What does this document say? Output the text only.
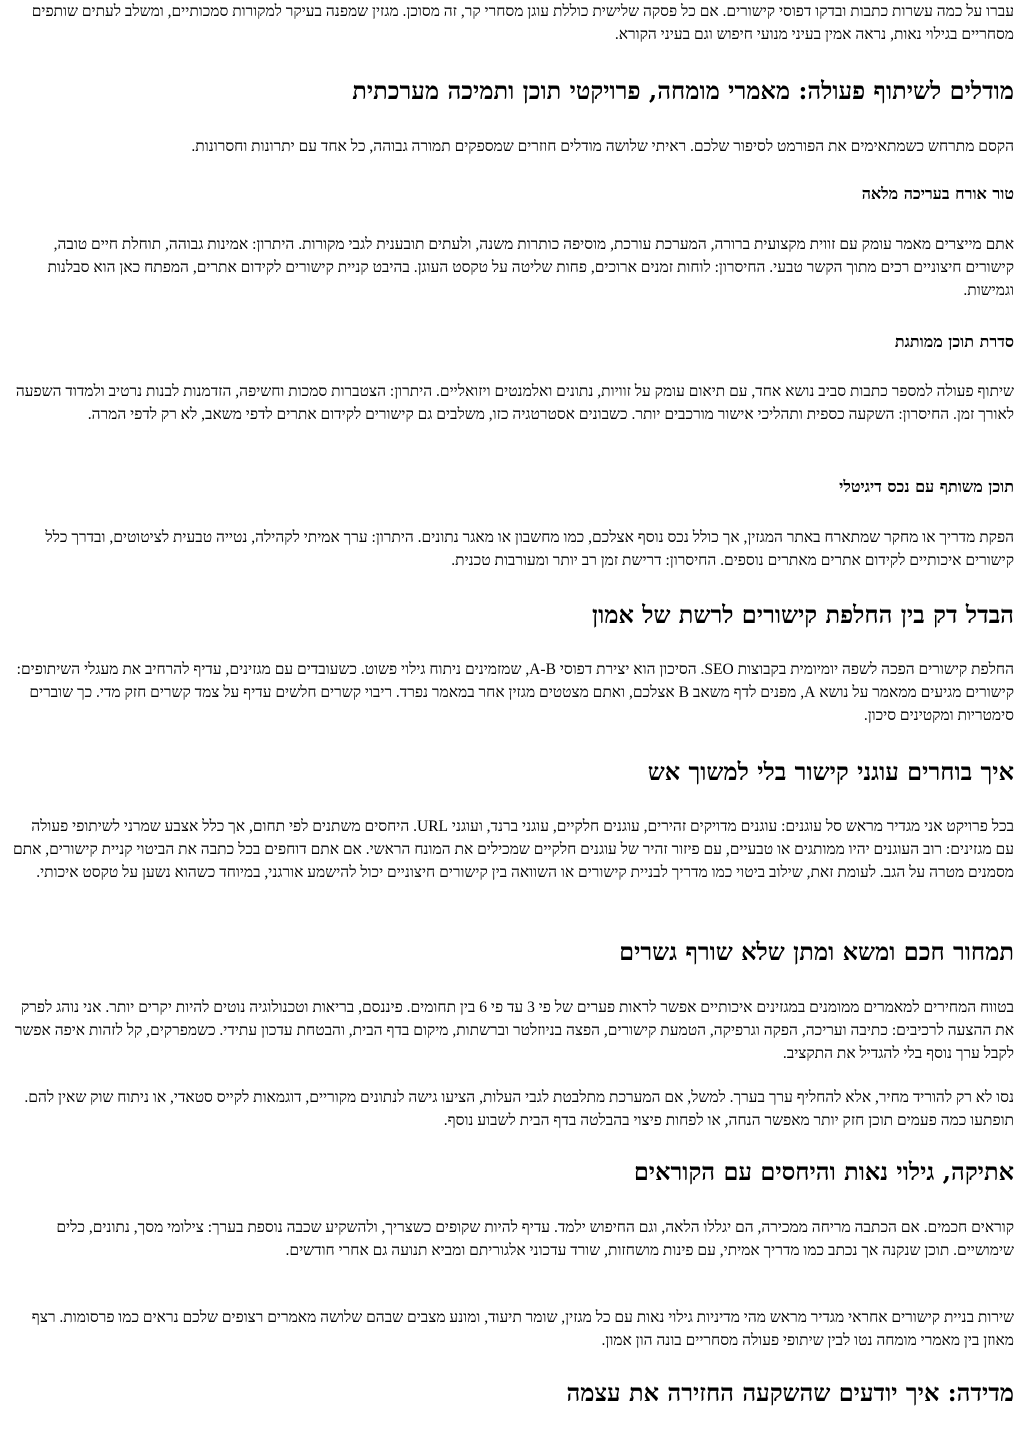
עברו על כמה עשרות כתבות ובדקו דפוסי קישורים. אם כל פסקה שלישית כוללת עוגן מסחרי קר, זה מסוכן. מגזין שמפנה בעיקר למקורות סמכותיים, ומשלב לעתים שותפים מסחריים בגילוי נאות, נראה אמין בעיני מנועי חיפוש וגם בעיני הקורא.

מודלים לשיתוף פעולה: מאמרי מומחה, פרויקטי תוכן ותמיכה מערכתית

הקסם מתרחש כשמתאימים את הפורמט לסיפור שלכם. ראיתי שלושה מודלים חוזרים שמספקים תמורה גבוהה, כל אחד עם יתרונות וחסרונות.

טור אורח בעריכה מלאה

אתם מייצרים מאמר עומק עם זווית מקצועית ברורה, המערכת עורכת, מוסיפה כותרות משנה, ולעתים תובענית לגבי מקורות. היתרון: אמינות גבוהה, תוחלת חיים טובה, קישורים חיצוניים רכים מתוך הקשר טבעי. החיסרון: לוחות זמנים ארוכים, פחות שליטה על טקסט העוגן. בהיבט קניית קישורים לקידום אתרים, המפתח כאן הוא סבלנות וגמישות.

סדרת תוכן ממותגת

שיתוף פעולה למספר כתבות סביב נושא אחד, עם תיאום עומק על זוויות, נתונים ואלמנטים ויזואליים. היתרון: הצטברות סמכות וחשיפה, הזדמנות לבנות נרטיב ולמדוד השפעה לאורך זמן. החיסרון: השקעה כספית ותהליכי אישור מורכבים יותר. כשבונים אסטרטגיה כזו, משלבים גם קישורים לקידום אתרים לדפי משאב, לא רק לדפי המרה.

תוכן משותף עם נכס דיגיטלי

הפקת מדריך או מחקר שמתארח באתר המגזין, אך כולל נכס נוסף אצלכם, כמו מחשבון או מאגר נתונים. היתרון: ערך אמיתי לקהילה, נטייה טבעית לציטוטים, ובדרך כלל קישורים איכותיים לקידום אתרים מאתרים נוספים. החיסרון: דרישת זמן רב יותר ומעורבות טכנית.

הבדל דק בין החלפת קישורים לרשת של אמון

החלפת קישורים הפכה לשפה יומיומית בקבוצות SEO. הסיכון הוא יצירת דפוסי A-B, שמזמינים ניתוח גילוי פשוט. כשעובדים עם מגזינים, עדיף להרחיב את מעגלי השיתופים: קישורים מגיעים ממאמר על נושא A, מפנים לדף משאב B אצלכם, ואתם מצטטים מגזין אחר במאמר נפרד. ריבוי קשרים חלשים עדיף על צמד קשרים חזק מדי. כך שוברים סימטריות ומקטינים סיכון.

איך בוחרים עוגני קישור בלי למשוך אש

בכל פרויקט אני מגדיר מראש סל עוגנים: עוגנים מדויקים זהירים, עוגנים חלקיים, עוגני ברנד, ועוגני URL. היחסים משתנים לפי תחום, אך כלל אצבע שמרני לשיתופי פעולה עם מגזינים: רוב העוגנים יהיו ממותגים או טבעיים, עם פיזור זהיר של עוגנים חלקיים שמכילים את המונח הראשי. אם אתם דוחפים בכל כתבה את הביטוי קניית קישורים, אתם מסמנים מטרה על הגב. לעומת זאת, שילוב ביטוי כמו מדריך לבניית קישורים או השוואה בין קישורים חיצוניים יכול להישמע אורגני, במיוחד כשהוא נשען על טקסט איכותי.

תמחור חכם ומשא ומתן שלא שורף גשרים

בטווח המחירים למאמרים ממומנים במגזינים איכותיים אפשר לראות פערים של פי 3 עד פי 6 בין תחומים. פיננסם, בריאות וטכנולוגיה נוטים להיות יקרים יותר. אני נוהג לפרק את ההצעה לרכיבים: כתיבה ועריכה, הפקה וגרפיקה, הטמעת קישורים, הפצה בניוזלטר וברשתות, מיקום בדף הבית, והבטחת עדכון עתידי. כשמפרקים, קל לזהות איפה אפשר לקבל ערך נוסף בלי להגדיל את התקציב.

נסו לא רק להוריד מחיר, אלא להחליף ערך בערך. למשל, אם המערכת מתלבטת לגבי העלות, הציעו גישה לנתונים מקוריים, דוגמאות לקייס סטאדי, או ניתוח שוק שאין להם. תופתעו כמה פעמים תוכן חזק יותר מאפשר הנחה, או לפחות פיצוי בהבלטה בדף הבית לשבוע נוסף.

אתיקה, גילוי נאות והיחסים עם הקוראים

קוראים חכמים. אם הכתבה מריחה ממכירה, הם יגללו הלאה, וגם החיפוש ילמד. עדיף להיות שקופים כשצריך, ולהשקיע שכבה נוספת בערך: צילומי מסך, נתונים, כלים שימושיים. תוכן שנקנה אך נכתב כמו מדריך אמיתי, עם פינות מושחזות, שורד עדכוני אלגוריתם ומביא תנועה גם אחרי חודשים.

שירות בניית קישורים אחראי מגדיר מראש מהי מדיניות גילוי נאות עם כל מגזין, שומר תיעוד, ומונע מצבים שבהם שלושה מאמרים רצופים שלכם נראים כמו פרסומות. רצף מאוזן בין מאמרי מומחה נטו לבין שיתופי פעולה מסחריים בונה הון אמון.

מדידה: איך יודעים שהשקעה החזירה את עצמה
